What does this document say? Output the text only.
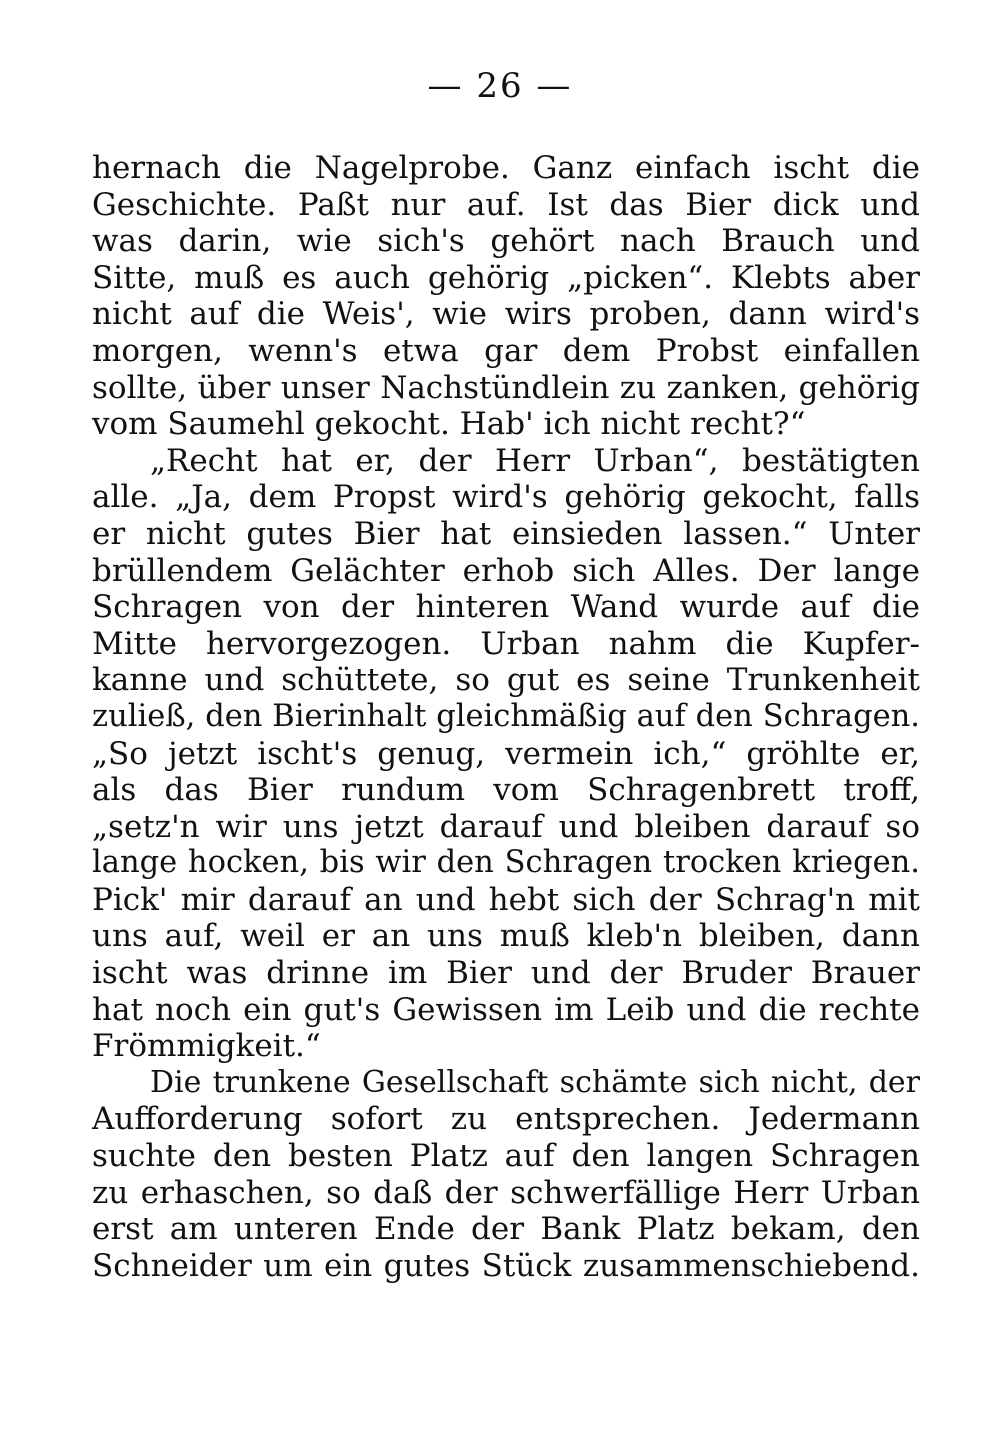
— 26 —
hernach die Nagelprobe. Ganz einfach ischt die
Geschichte. Paßt nur auf. Ist das Bier dick und
was darin, wie sich's gehört nach Brauch und
Sitte, muß es auch gehörig „picken“. Klebts aber
nicht auf die Weis', wie wirs proben, dann wird's
morgen, wenn's etwa gar dem Probst einfallen
sollte, über unser Nachstündlein zu zanken, gehörig
vom Saumehl gekocht. Hab' ich nicht recht?“
„Recht hat er, der Herr Urban“, bestätigten
alle. „Ja, dem Propst wird's gehörig gekocht, falls
er nicht gutes Bier hat einsieden lassen.“ Unter
brüllendem Gelächter erhob sich Alles. Der lange
Schragen von der hinteren Wand wurde auf die
Mitte hervorgezogen. Urban nahm die Kupfer-
kanne und schüttete, so gut es seine Trunkenheit
zuließ, den Bierinhalt gleichmäßig auf den Schragen.
„So jetzt ischt's genug, vermein ich,“ gröhlte er,
als das Bier rundum vom Schragenbrett troff,
„setz'n wir uns jetzt darauf und bleiben darauf so
lange hocken, bis wir den Schragen trocken kriegen.
Pick' mir darauf an und hebt sich der Schrag'n mit
uns auf, weil er an uns muß kleb'n bleiben, dann
ischt was drinne im Bier und der Bruder Brauer
hat noch ein gut's Gewissen im Leib und die rechte
Frömmigkeit.“
Die trunkene Gesellschaft schämte sich nicht, der
Aufforderung sofort zu entsprechen. Jedermann
suchte den besten Platz auf den langen Schragen
zu erhaschen, so daß der schwerfällige Herr Urban
erst am unteren Ende der Bank Platz bekam, den
Schneider um ein gutes Stück zusammenschiebend.
